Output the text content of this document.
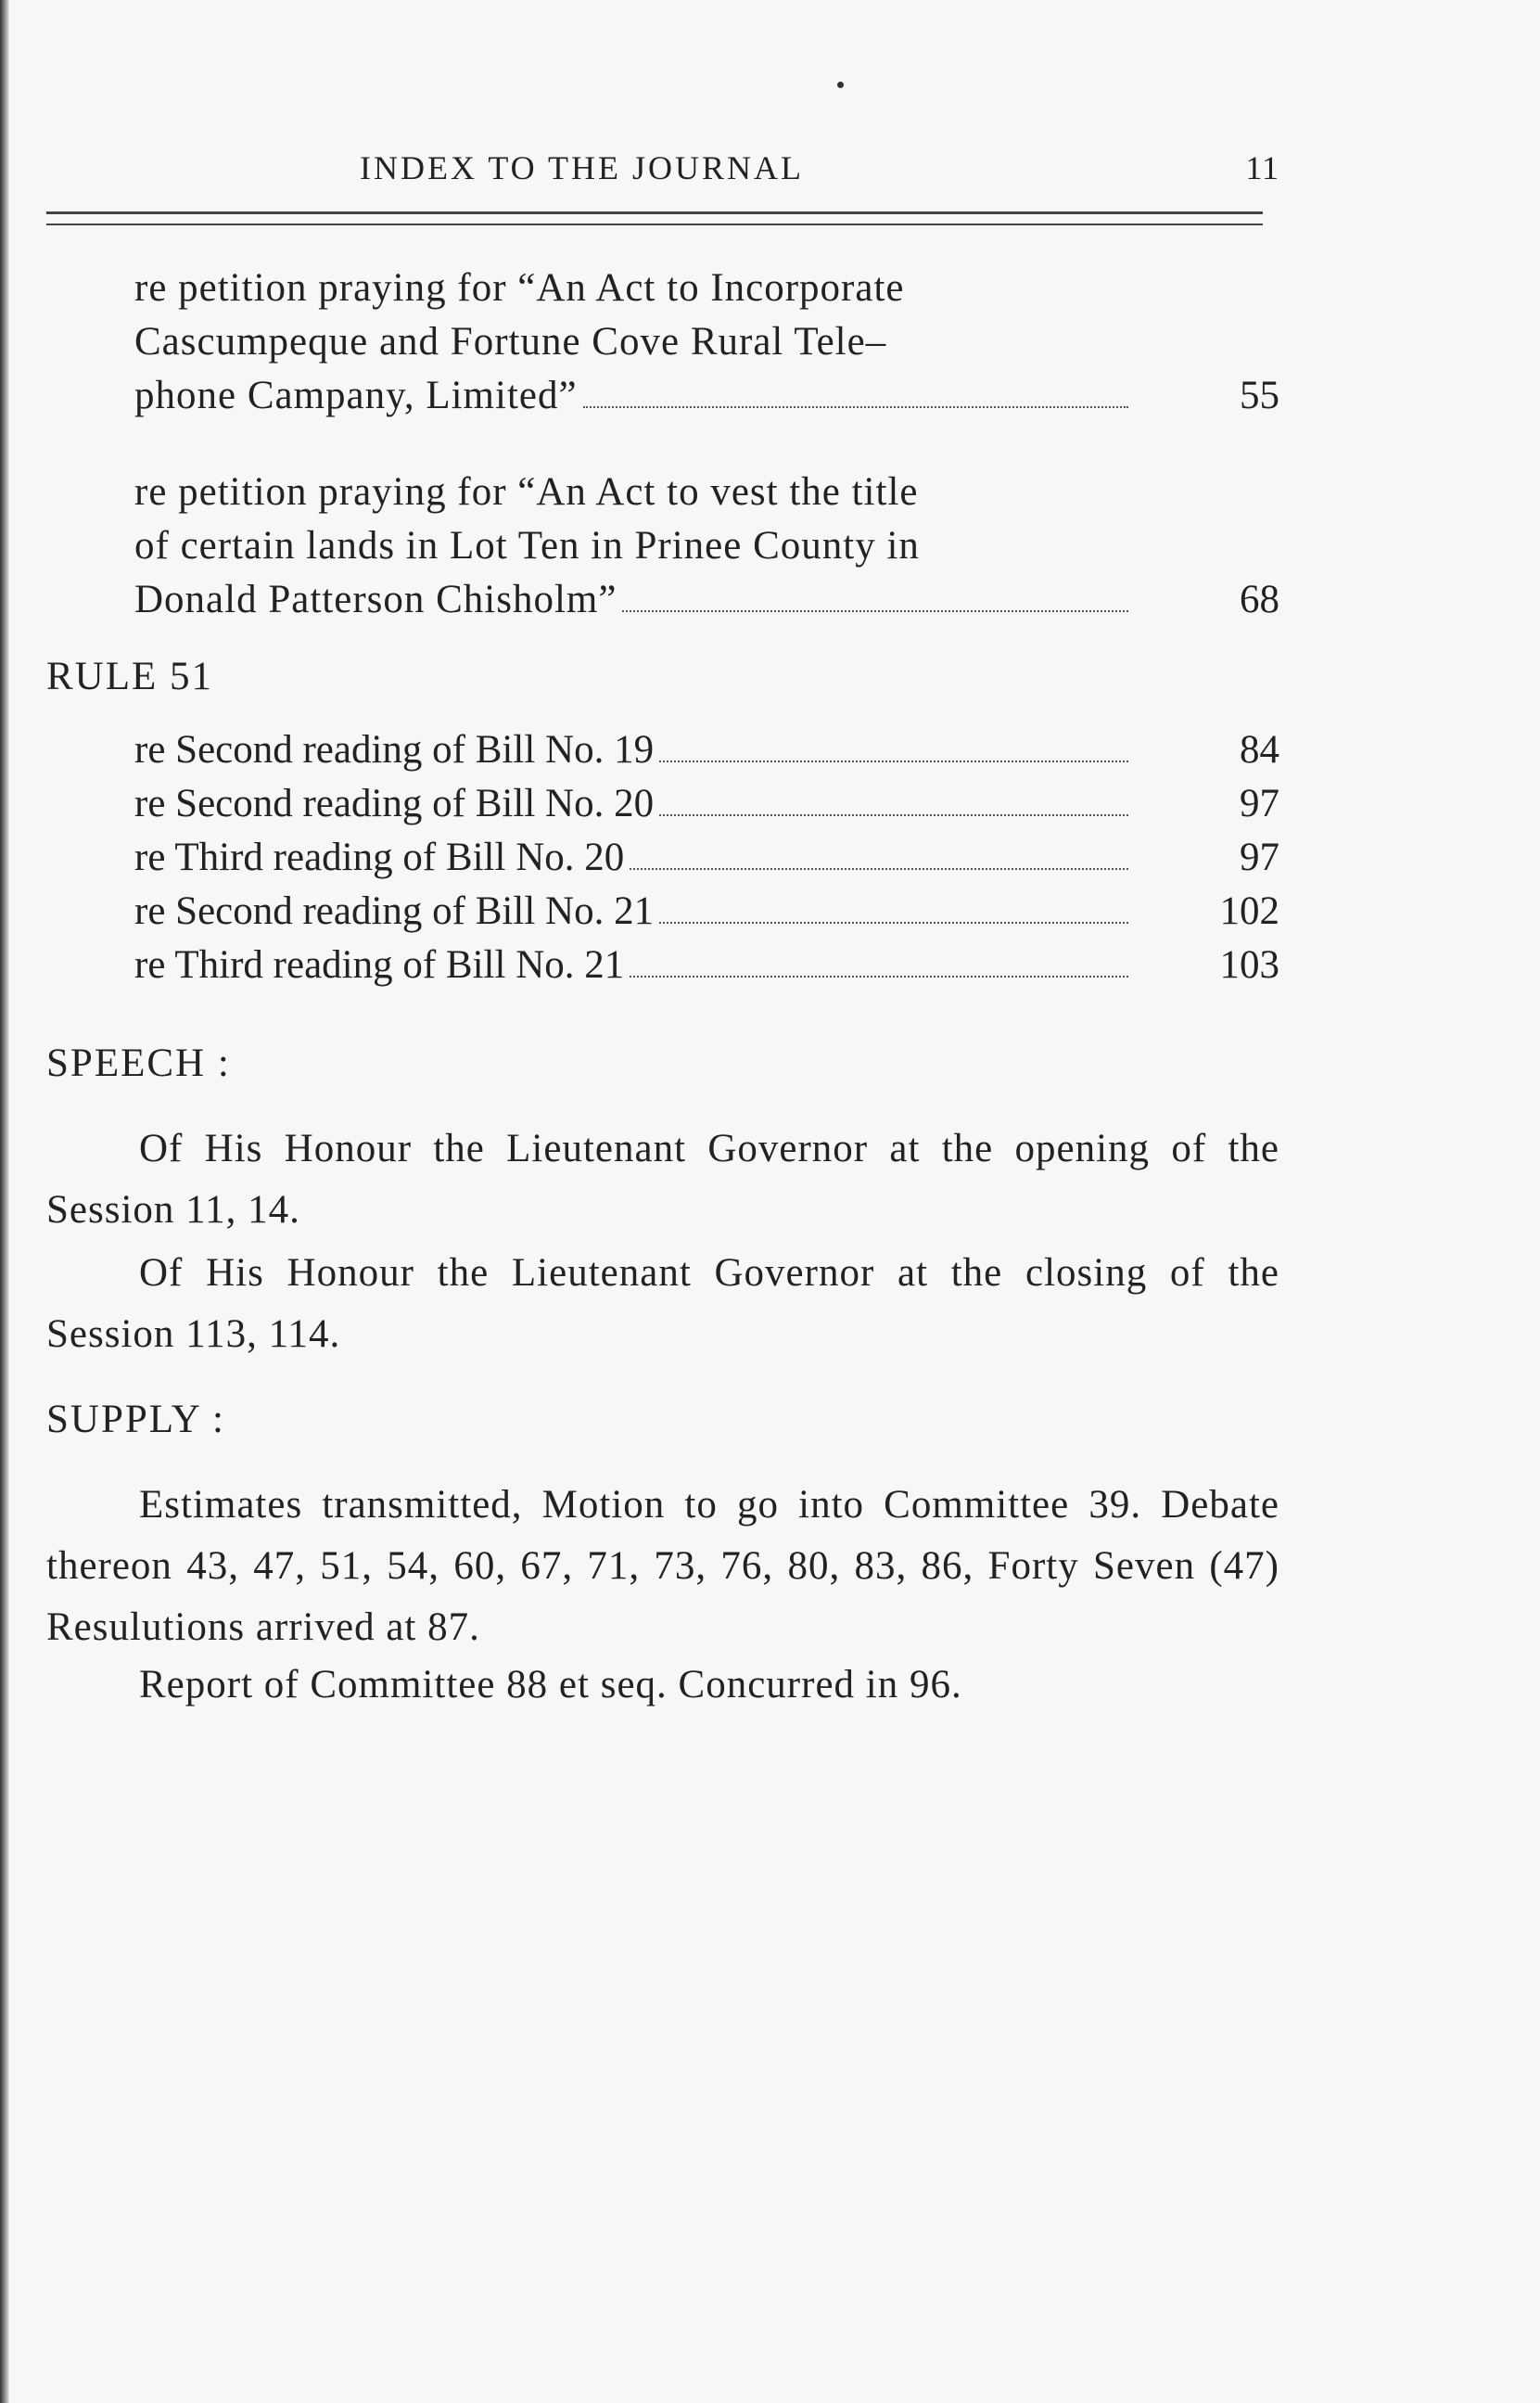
INDEX TO THE JOURNAL	11
re petition praying for “An Act to Incorporate
Cascumpeque and Fortune Cove Rural Tele–
phone Campany, Limited”	55
re petition praying for “An Act to vest the title
of certain lands in Lot Ten in Prinee County in
Donald Patterson Chisholm”	68
RULE 51
re Second reading of Bill No. 19	84
re Second reading of Bill No. 20	97
re Third reading of Bill No. 20	97
re Second reading of Bill No. 21	102
re Third reading of Bill No. 21	103
SPEECH :
Of His Honour the Lieutenant Governor at the opening of the Session 11, 14.
Of His Honour the Lieutenant Governor at the closing of the Session 113, 114.
SUPPLY :
Estimates transmitted, Motion to go into Committee 39. Debate thereon 43, 47, 51, 54, 60, 67, 71, 73, 76, 80, 83, 86, Forty Seven (47) Resulutions arrived at 87.
Report of Committee 88 et seq. Concurred in 96.
